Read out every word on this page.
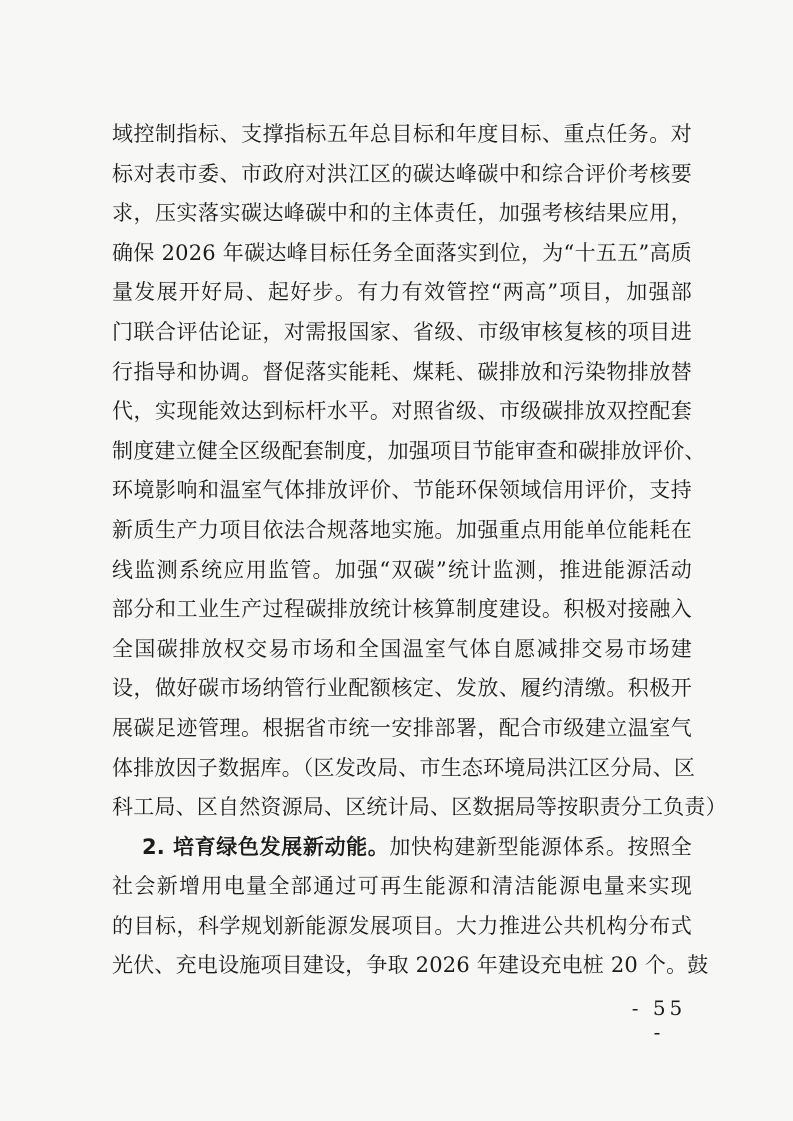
域控制指标、支撑指标五年总目标和年度目标、重点任务。对
标对表市委、市政府对洪江区的碳达峰碳中和综合评价考核要
求，压实落实碳达峰碳中和的主体责任，加强考核结果应用，
确保 2026 年碳达峰目标任务全面落实到位，为“十五五”高质
量发展开好局、起好步。有力有效管控“两高”项目，加强部
门联合评估论证，对需报国家、省级、市级审核复核的项目进
行指导和协调。督促落实能耗、煤耗、碳排放和污染物排放替
代，实现能效达到标杆水平。对照省级、市级碳排放双控配套
制度建立健全区级配套制度，加强项目节能审查和碳排放评价、
环境影响和温室气体排放评价、节能环保领域信用评价，支持
新质生产力项目依法合规落地实施。加强重点用能单位能耗在
线监测系统应用监管。加强“双碳”统计监测，推进能源活动
部分和工业生产过程碳排放统计核算制度建设。积极对接融入
全国碳排放权交易市场和全国温室气体自愿减排交易市场建
设，做好碳市场纳管行业配额核定、发放、履约清缴。积极开
展碳足迹管理。根据省市统一安排部署，配合市级建立温室气
体排放因子数据库。（区发改局、市生态环境局洪江区分局、区
科工局、区自然资源局、区统计局、区数据局等按职责分工负责）
2. 培育绿色发展新动能。加快构建新型能源体系。按照全
社会新增用电量全部通过可再生能源和清洁能源电量来实现
的目标，科学规划新能源发展项目。大力推进公共机构分布式
光伏、充电设施项目建设，争取 2026 年建设充电桩 20 个。鼓
- 55 -
